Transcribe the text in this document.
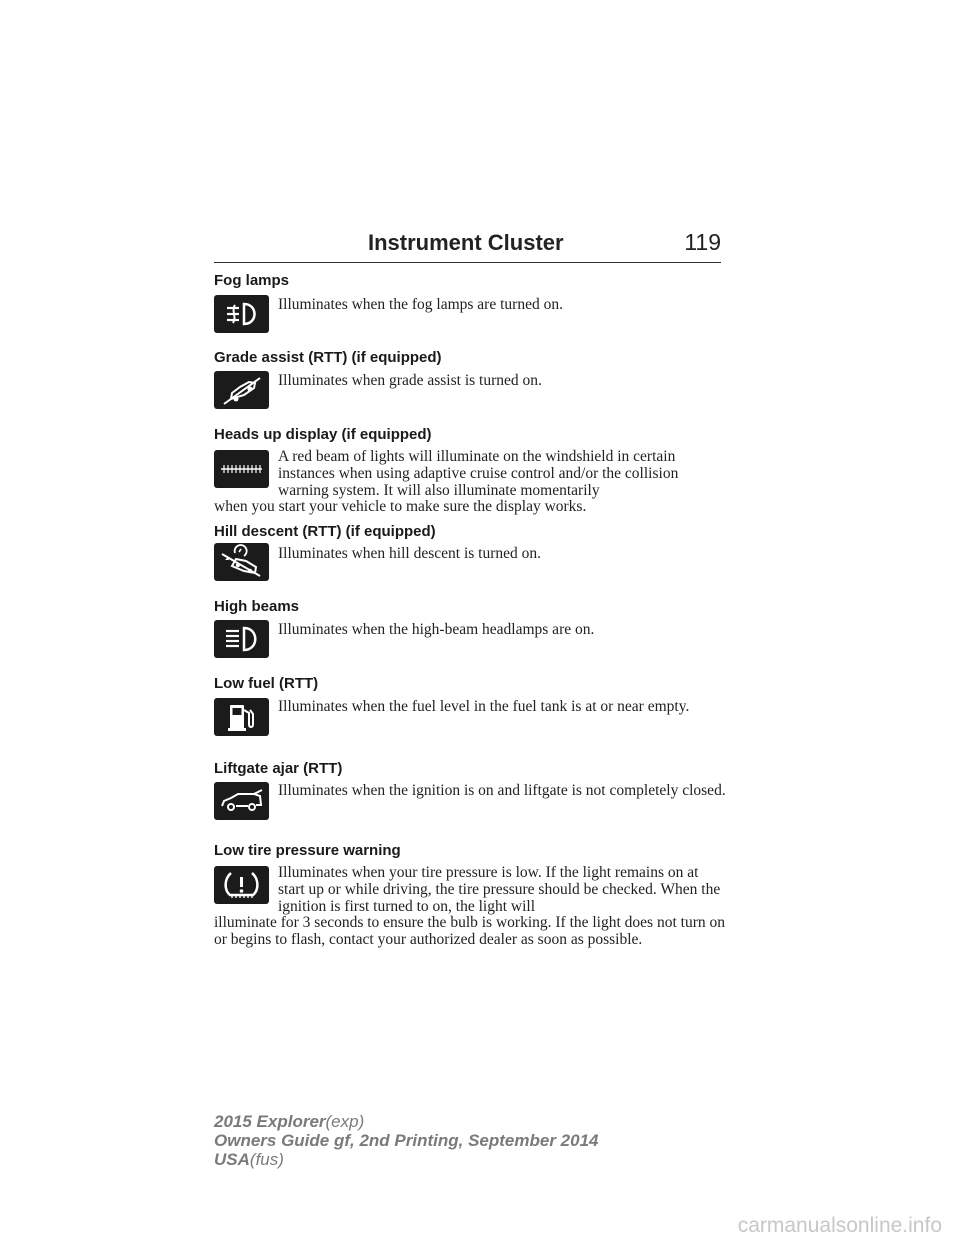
Instrument Cluster	119
Fog lamps
Illuminates when the fog lamps are turned on.
Grade assist (RTT) (if equipped)
Illuminates when grade assist is turned on.
Heads up display (if equipped)
A red beam of lights will illuminate on the windshield in certain instances when using adaptive cruise control and/or the collision warning system. It will also illuminate momentarily
when you start your vehicle to make sure the display works.
Hill descent (RTT) (if equipped)
Illuminates when hill descent is turned on.
High beams
Illuminates when the high-beam headlamps are on.
Low fuel (RTT)
Illuminates when the fuel level in the fuel tank is at or near empty.
Liftgate ajar (RTT)
Illuminates when the ignition is on and liftgate is not completely closed.
Low tire pressure warning
Illuminates when your tire pressure is low. If the light remains on at start up or while driving, the tire pressure should be checked. When the ignition is first turned to on, the light will
illuminate for 3 seconds to ensure the bulb is working. If the light does not turn on or begins to flash, contact your authorized dealer as soon as possible.
2015 Explorer(exp)
Owners Guide gf, 2nd Printing, September 2014
USA(fus)
carmanualsonline.info
